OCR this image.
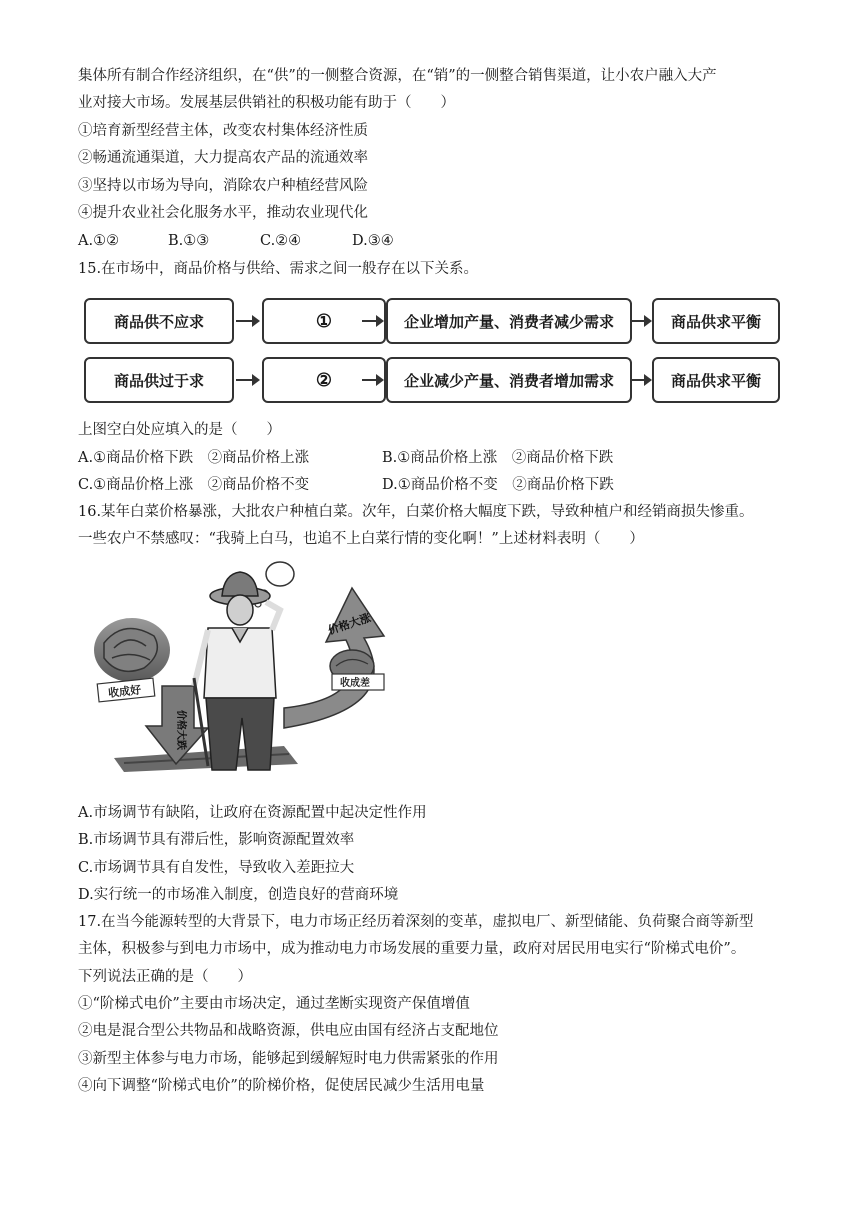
集体所有制合作经济组织，在“供”的一侧整合资源，在“销”的一侧整合销售渠道，让小农户融入大产
业对接大市场。发展基层供销社的积极功能有助于（　　）
①培育新型经营主体，改变农村集体经济性质
②畅通流通渠道，大力提高农产品的流通效率
③坚持以市场为导向，消除农户种植经营风险
④提升农业社会化服务水平，推动农业现代化
A.①②	B.①③	C.②④	D.③④
15.在市场中，商品价格与供给、需求之间一般存在以下关系。
商品供不应求	①	企业增加产量、消费者减少需求	商品供求平衡
商品供过于求	②	企业减少产量、消费者增加需求	商品供求平衡
上图空白处应填入的是（　　）
A.①商品价格下跌　②商品价格上涨	B.①商品价格上涨　②商品价格下跌
C.①商品价格上涨　②商品价格不变	D.①商品价格不变　②商品价格下跌
16.某年白菜价格暴涨，大批农户种植白菜。次年，白菜价格大幅度下跌，导致种植户和经销商损失惨重。
一些农户不禁感叹：“我骑上白马，也追不上白菜行情的变化啊！”上述材料表明（　　）
收成好
价格大跌
价格大涨
收成差
A.市场调节有缺陷，让政府在资源配置中起决定性作用
B.市场调节具有滞后性，影响资源配置效率
C.市场调节具有自发性，导致收入差距拉大
D.实行统一的市场准入制度，创造良好的营商环境
17.在当今能源转型的大背景下，电力市场正经历着深刻的变革，虚拟电厂、新型储能、负荷聚合商等新型
主体，积极参与到电力市场中，成为推动电力市场发展的重要力量，政府对居民用电实行“阶梯式电价”。
下列说法正确的是（　　）
①“阶梯式电价”主要由市场决定，通过垄断实现资产保值增值
②电是混合型公共物品和战略资源，供电应由国有经济占支配地位
③新型主体参与电力市场，能够起到缓解短时电力供需紧张的作用
④向下调整“阶梯式电价”的阶梯价格，促使居民减少生活用电量
